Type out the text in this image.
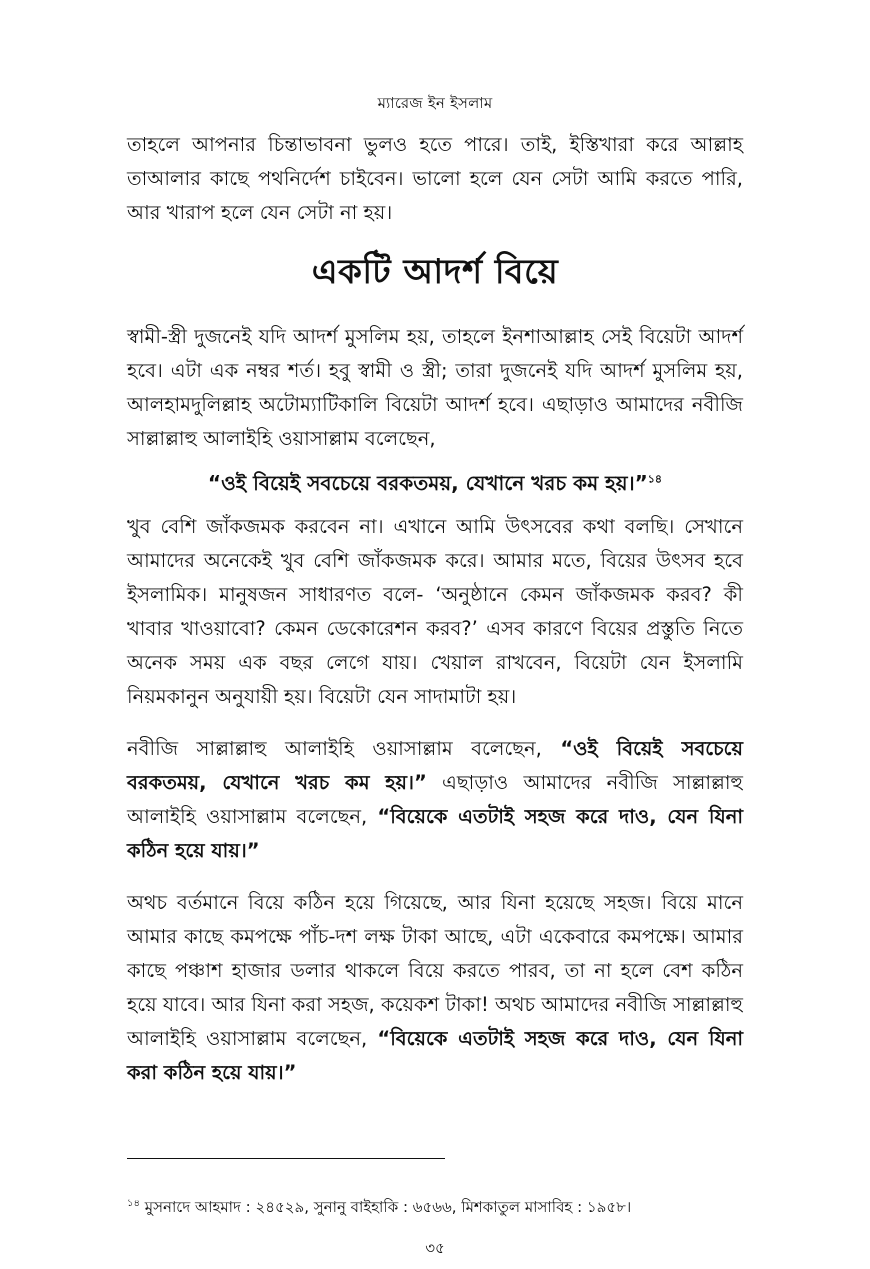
ম্যারেজ ইন ইসলাম

তাহলে আপনার চিন্তাভাবনা ভুলও হতে পারে। তাই, ইস্তিখারা করে আল্লাহ তাআলার কাছে পথনির্দেশ চাইবেন। ভালো হলে যেন সেটা আমি করতে পারি, আর খারাপ হলে যেন সেটা না হয়।

একটি আদর্শ বিয়ে

স্বামী-স্ত্রী দুজনেই যদি আদর্শ মুসলিম হয়, তাহলে ইনশাআল্লাহ সেই বিয়েটা আদর্শ হবে। এটা এক নম্বর শর্ত। হবু স্বামী ও স্ত্রী; তারা দুজনেই যদি আদর্শ মুসলিম হয়, আলহামদুলিল্লাহ অটোম্যাটিকালি বিয়েটা আদর্শ হবে। এছাড়াও আমাদের নবীজি সাল্লাল্লাহু আলাইহি ওয়াসাল্লাম বলেছেন,

“ওই বিয়েই সবচেয়ে বরকতময়, যেখানে খরচ কম হয়।”$^{১৪}$

খুব বেশি জাঁকজমক করবেন না। এখানে আমি উৎসবের কথা বলছি। সেখানে আমাদের অনেকেই খুব বেশি জাঁকজমক করে। আমার মতে, বিয়ের উৎসব হবে ইসলামিক। মানুষজন সাধারণত বলে- ‘অনুষ্ঠানে কেমন জাঁকজমক করব? কী খাবার খাওয়াবো? কেমন ডেকোরেশন করব?’ এসব কারণে বিয়ের প্রস্তুতি নিতে অনেক সময় এক বছর লেগে যায়। খেয়াল রাখবেন, বিয়েটা যেন ইসলামি নিয়মকানুন অনুযায়ী হয়। বিয়েটা যেন সাদামাটা হয়।

নবীজি সাল্লাল্লাহু আলাইহি ওয়াসাল্লাম বলেছেন, “ওই বিয়েই সবচেয়ে বরকতময়, যেখানে খরচ কম হয়।” এছাড়াও আমাদের নবীজি সাল্লাল্লাহু আলাইহি ওয়াসাল্লাম বলেছেন, “বিয়েকে এতটাই সহজ করে দাও, যেন যিনা কঠিন হয়ে যায়।”

অথচ বর্তমানে বিয়ে কঠিন হয়ে গিয়েছে, আর যিনা হয়েছে সহজ। বিয়ে মানে আমার কাছে কমপক্ষে পাঁচ-দশ লক্ষ টাকা আছে, এটা একেবারে কমপক্ষে। আমার কাছে পঞ্চাশ হাজার ডলার থাকলে বিয়ে করতে পারব, তা না হলে বেশ কঠিন হয়ে যাবে। আর যিনা করা সহজ, কয়েকশ টাকা! অথচ আমাদের নবীজি সাল্লাল্লাহু আলাইহি ওয়াসাল্লাম বলেছেন, “বিয়েকে এতটাই সহজ করে দাও, যেন যিনা করা কঠিন হয়ে যায়।”

$^{১৪}$ মুসনাদে আহমাদ : ২৪৫২৯, সুনানু বাইহাকি : ৬৫৬৬, মিশকাতুল মাসাবিহ : ১৯৫৮।
৩৫
